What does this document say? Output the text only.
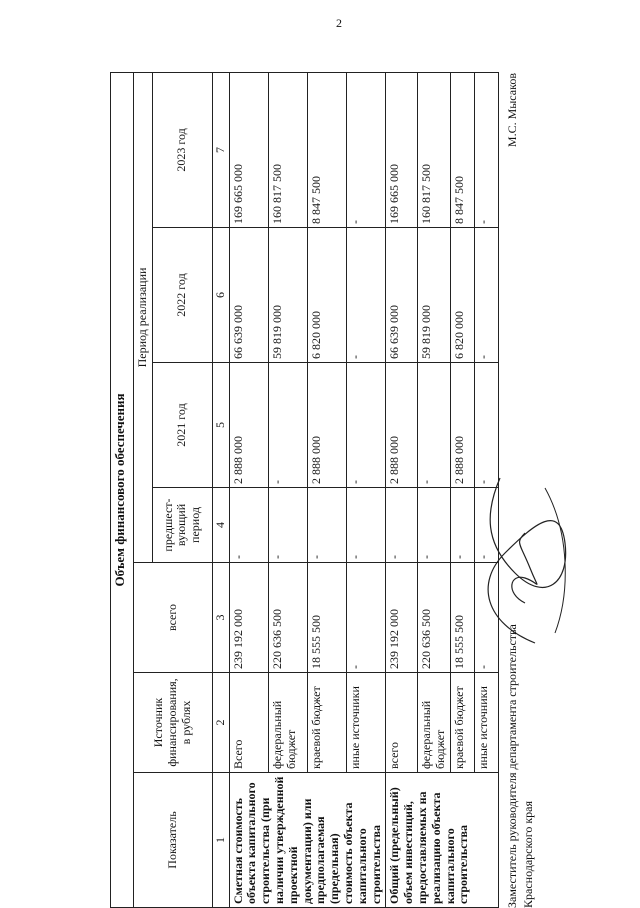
2
Объем финансового обеспечения						
Показатель	Источник финансирования, в рублях	всего	Период реализации			
			предшест-вующий период	2021 год	2022 год	2023 год
1	2	3	4	5	6	7
Сметная стоимость объекта капитального строительства (при наличии утвержденной проектной документации) или предполагаемая (предельная) стоимость объекта капитального строительства	Всего	239 192 000	-	2 888 000	66 639 000	169 665 000
	федеральный бюджет	220 636 500	-	-	59 819 000	160 817 500
	краевой бюджет	18 555 500	-	2 888 000	6 820 000	8 847 500
	иные источники	-	-	-	-	-
Общий (предельный) объем инвестиций, предоставляемых на реализацию объекта капитального строительства	всего	239 192 000	-	2 888 000	66 639 000	169 665 000
	федеральный бюджет	220 636 500	-	-	59 819 000	160 817 500
	краевой бюджет	18 555 500	-	2 888 000	6 820 000	8 847 500
	иные источники	-	-	-	-	-
Заместитель руководителя департамента строительства Краснодарского края
М.С. Мысаков
